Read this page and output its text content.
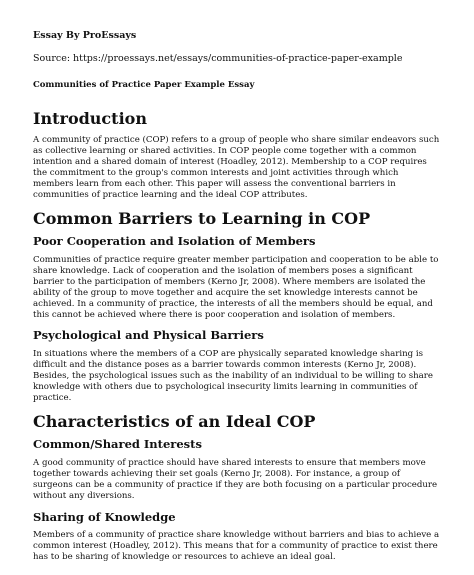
Essay By ProEssays
Source: https://proessays.net/essays/communities-of-practice-paper-example
Communities of Practice Paper Example Essay
Introduction

A community of practice (COP) refers to a group of people who share similar endeavors such as collective learning or shared activities. In COP people come together with a common intention and a shared domain of interest (Hoadley, 2012). Membership to a COP requires the commitment to the group's common interests and joint activities through which members learn from each other. This paper will assess the conventional barriers in communities of practice learning and the ideal COP attributes.

Common Barriers to Learning in COP
Poor Cooperation and Isolation of Members

Communities of practice require greater member participation and cooperation to be able to share knowledge. Lack of cooperation and the isolation of members poses a significant barrier to the participation of members (Kerno Jr, 2008). Where members are isolated the ability of the group to move together and acquire the set knowledge interests cannot be achieved. In a community of practice, the interests of all the members should be equal, and this cannot be achieved where there is poor cooperation and isolation of members.

Psychological and Physical Barriers

In situations where the members of a COP are physically separated knowledge sharing is difficult and the distance poses as a barrier towards common interests (Kerno Jr, 2008). Besides, the psychological issues such as the inability of an individual to be willing to share knowledge with others due to psychological insecurity limits learning in communities of practice.

Characteristics of an Ideal COP
Common/Shared Interests

A good community of practice should have shared interests to ensure that members move together towards achieving their set goals (Kerno Jr, 2008). For instance, a group of surgeons can be a community of practice if they are both focusing on a particular procedure without any diversions.

Sharing of Knowledge

Members of a community of practice share knowledge without barriers and bias to achieve a common interest (Hoadley, 2012). This means that for a community of practice to exist there has to be sharing of knowledge or resources to achieve an ideal goal.
